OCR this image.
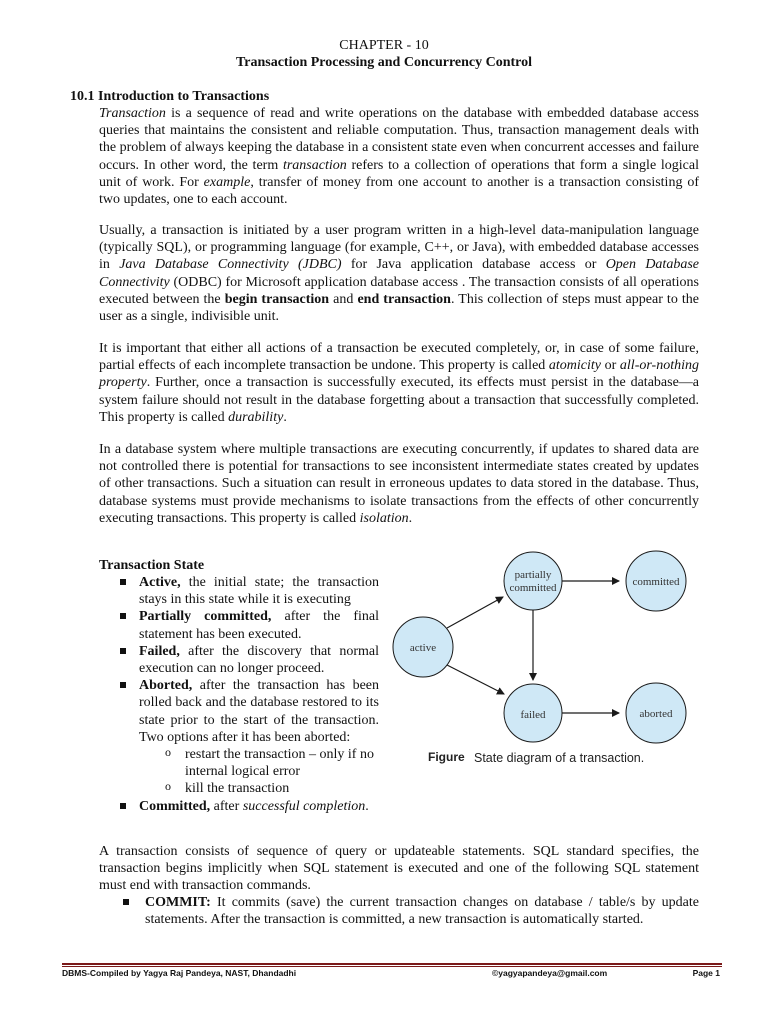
CHAPTER - 10
Transaction Processing and Concurrency Control
10.1 Introduction to Transactions

Transaction is a sequence of read and write operations on the database with embedded database access queries that maintains the consistent and reliable computation. Thus, transaction management deals with the problem of always keeping the database in a consistent state even when concurrent accesses and failure occurs. In other word, the term transaction refers to a collection of operations that form a single logical unit of work. For example, transfer of money from one account to another is a transaction consisting of two updates, one to each account.

Usually, a transaction is initiated by a user program written in a high-level data-manipulation language (typically SQL), or programming language (for example, C++, or Java), with embedded database accesses in Java Database Connectivity (JDBC) for Java application database access or Open Database Connectivity (ODBC) for Microsoft application database access . The transaction consists of all operations executed between the begin transaction and end transaction. This collection of steps must appear to the user as a single, indivisible unit.

It is important that either all actions of a transaction be executed completely, or, in case of some failure, partial effects of each incomplete transaction be undone. This property is called atomicity or all-or-nothing property. Further, once a transaction is successfully executed, its effects must persist in the database—a system failure should not result in the database forgetting about a transaction that successfully completed. This property is called durability.

In a database system where multiple transactions are executing concurrently, if updates to shared data are not controlled there is potential for transactions to see inconsistent intermediate states created by updates of other transactions. Such a situation can result in erroneous updates to data stored in the database. Thus, database systems must provide mechanisms to isolate transactions from the effects of other concurrently executing transactions. This property is called isolation.

Transaction State
Active, the initial state; the transaction stays in this state while it is executing
Partially committed, after the final statement has been executed.
Failed, after the discovery that normal execution can no longer proceed.
Aborted, after the transaction has been rolled back and the database restored to its state prior to the start of the transaction. Two options after it has been aborted:
o restart the transaction – only if no internal logical error
o kill the transaction
Committed, after successful completion.
active
partially
committed	committed
failed	aborted
Figure State diagram of a transaction.

A transaction consists of sequence of query or updateable statements. SQL standard specifies, the transaction begins implicitly when SQL statement is executed and one of the following SQL statement must end with transaction commands.

COMMIT: It commits (save) the current transaction changes on database / table/s by update statements. After the transaction is committed, a new transaction is automatically started.
DBMS-Compiled by Yagya Raj Pandeya, NAST, Dhandadhi	©yagyapandeya@gmail.com	Page 1
